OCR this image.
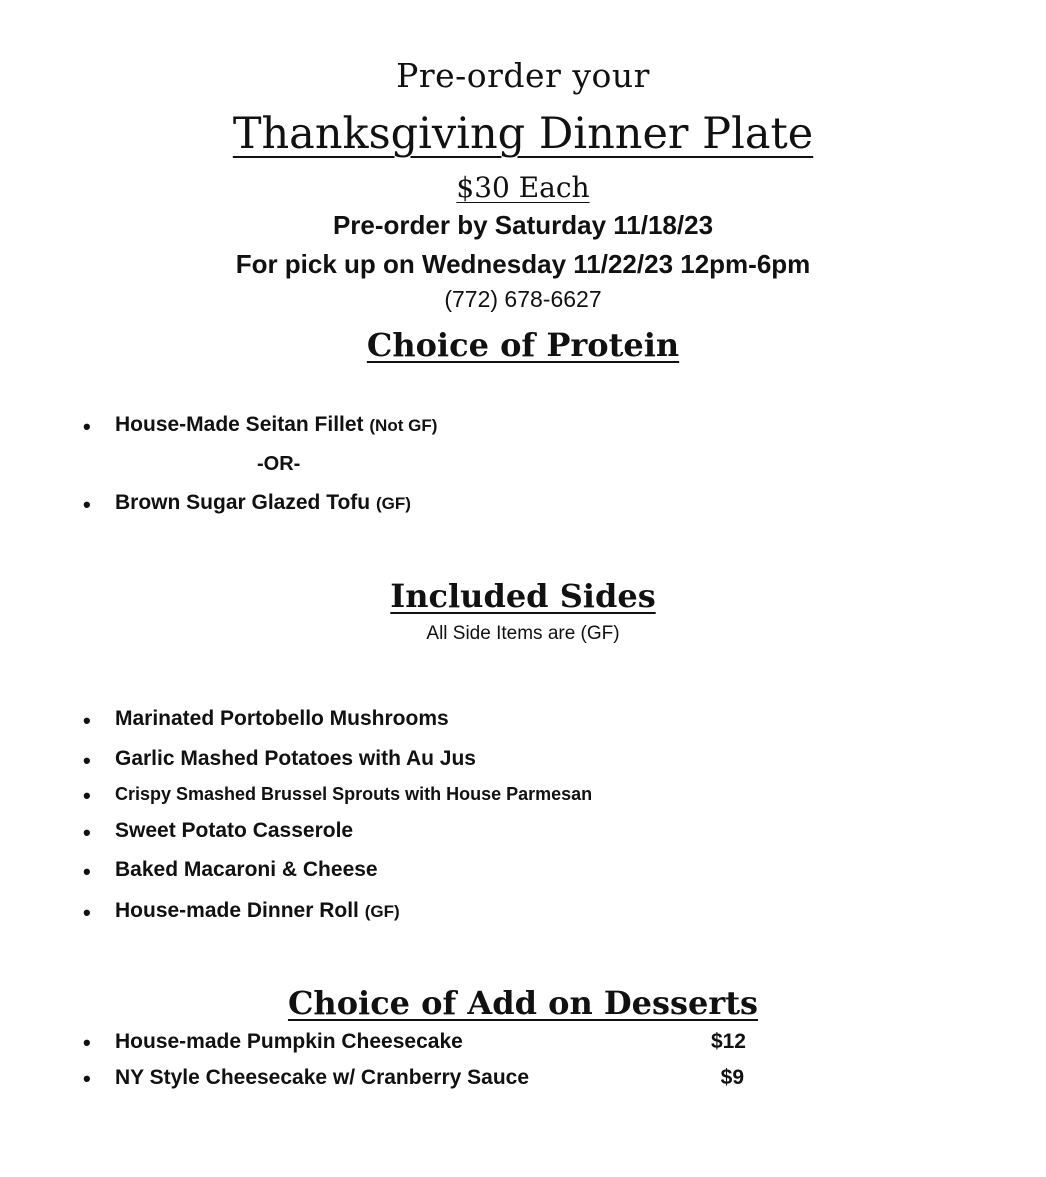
Pre-order your
Thanksgiving Dinner Plate
$30 Each
Pre-order by Saturday 11/18/23
For pick up on Wednesday 11/22/23 12pm-6pm
(772) 678-6627
Choice of Protein
• House-Made Seitan Fillet (Not GF)
-OR-
• Brown Sugar Glazed Tofu (GF)
Included Sides
All Side Items are (GF)
• Marinated Portobello Mushrooms
• Garlic Mashed Potatoes with Au Jus
• Crispy Smashed Brussel Sprouts with House Parmesan
• Sweet Potato Casserole
• Baked Macaroni & Cheese
• House-made Dinner Roll (GF)
Choice of Add on Desserts
• House-made Pumpkin Cheesecake	$12
• NY Style Cheesecake w/ Cranberry Sauce	$9
